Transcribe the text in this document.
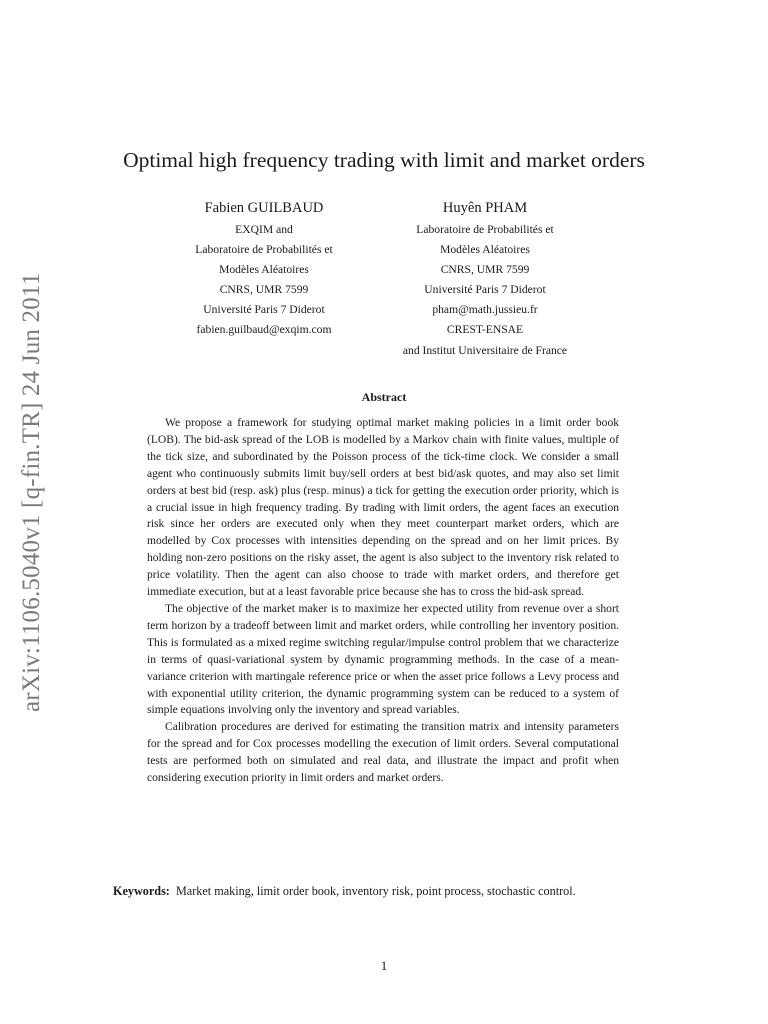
arXiv:1106.5040v1 [q-fin.TR] 24 Jun 2011
Optimal high frequency trading with limit and market orders
Fabien GUILBAUD
EXQIM and
Laboratoire de Probabilités et
Modèles Aléatoires
CNRS, UMR 7599
Université Paris 7 Diderot
fabien.guilbaud@exqim.com
Huyên PHAM
Laboratoire de Probabilités et
Modèles Aléatoires
CNRS, UMR 7599
Université Paris 7 Diderot
pham@math.jussieu.fr
CREST-ENSAE
and Institut Universitaire de France
Abstract

We propose a framework for studying optimal market making policies in a limit order book (LOB). The bid-ask spread of the LOB is modelled by a Markov chain with finite values, multiple of the tick size, and subordinated by the Poisson process of the tick-time clock. We consider a small agent who continuously submits limit buy/sell orders at best bid/ask quotes, and may also set limit orders at best bid (resp. ask) plus (resp. minus) a tick for getting the execution order priority, which is a crucial issue in high frequency trading. By trading with limit orders, the agent faces an execution risk since her orders are executed only when they meet counterpart market orders, which are modelled by Cox processes with intensities depending on the spread and on her limit prices. By holding non-zero positions on the risky asset, the agent is also subject to the inventory risk related to price volatility. Then the agent can also choose to trade with market orders, and therefore get immediate execution, but at a least favorable price because she has to cross the bid-ask spread.

The objective of the market maker is to maximize her expected utility from revenue over a short term horizon by a tradeoff between limit and market orders, while controlling her inventory position. This is formulated as a mixed regime switching regular/impulse control problem that we characterize in terms of quasi-variational system by dynamic programming methods. In the case of a mean-variance criterion with martingale reference price or when the asset price follows a Levy process and with exponential utility criterion, the dynamic programming system can be reduced to a system of simple equations involving only the inventory and spread variables.

Calibration procedures are derived for estimating the transition matrix and intensity parameters for the spread and for Cox processes modelling the execution of limit orders. Several computational tests are performed both on simulated and real data, and illustrate the impact and profit when considering execution priority in limit orders and market orders.

Keywords: Market making, limit order book, inventory risk, point process, stochastic control.
1
